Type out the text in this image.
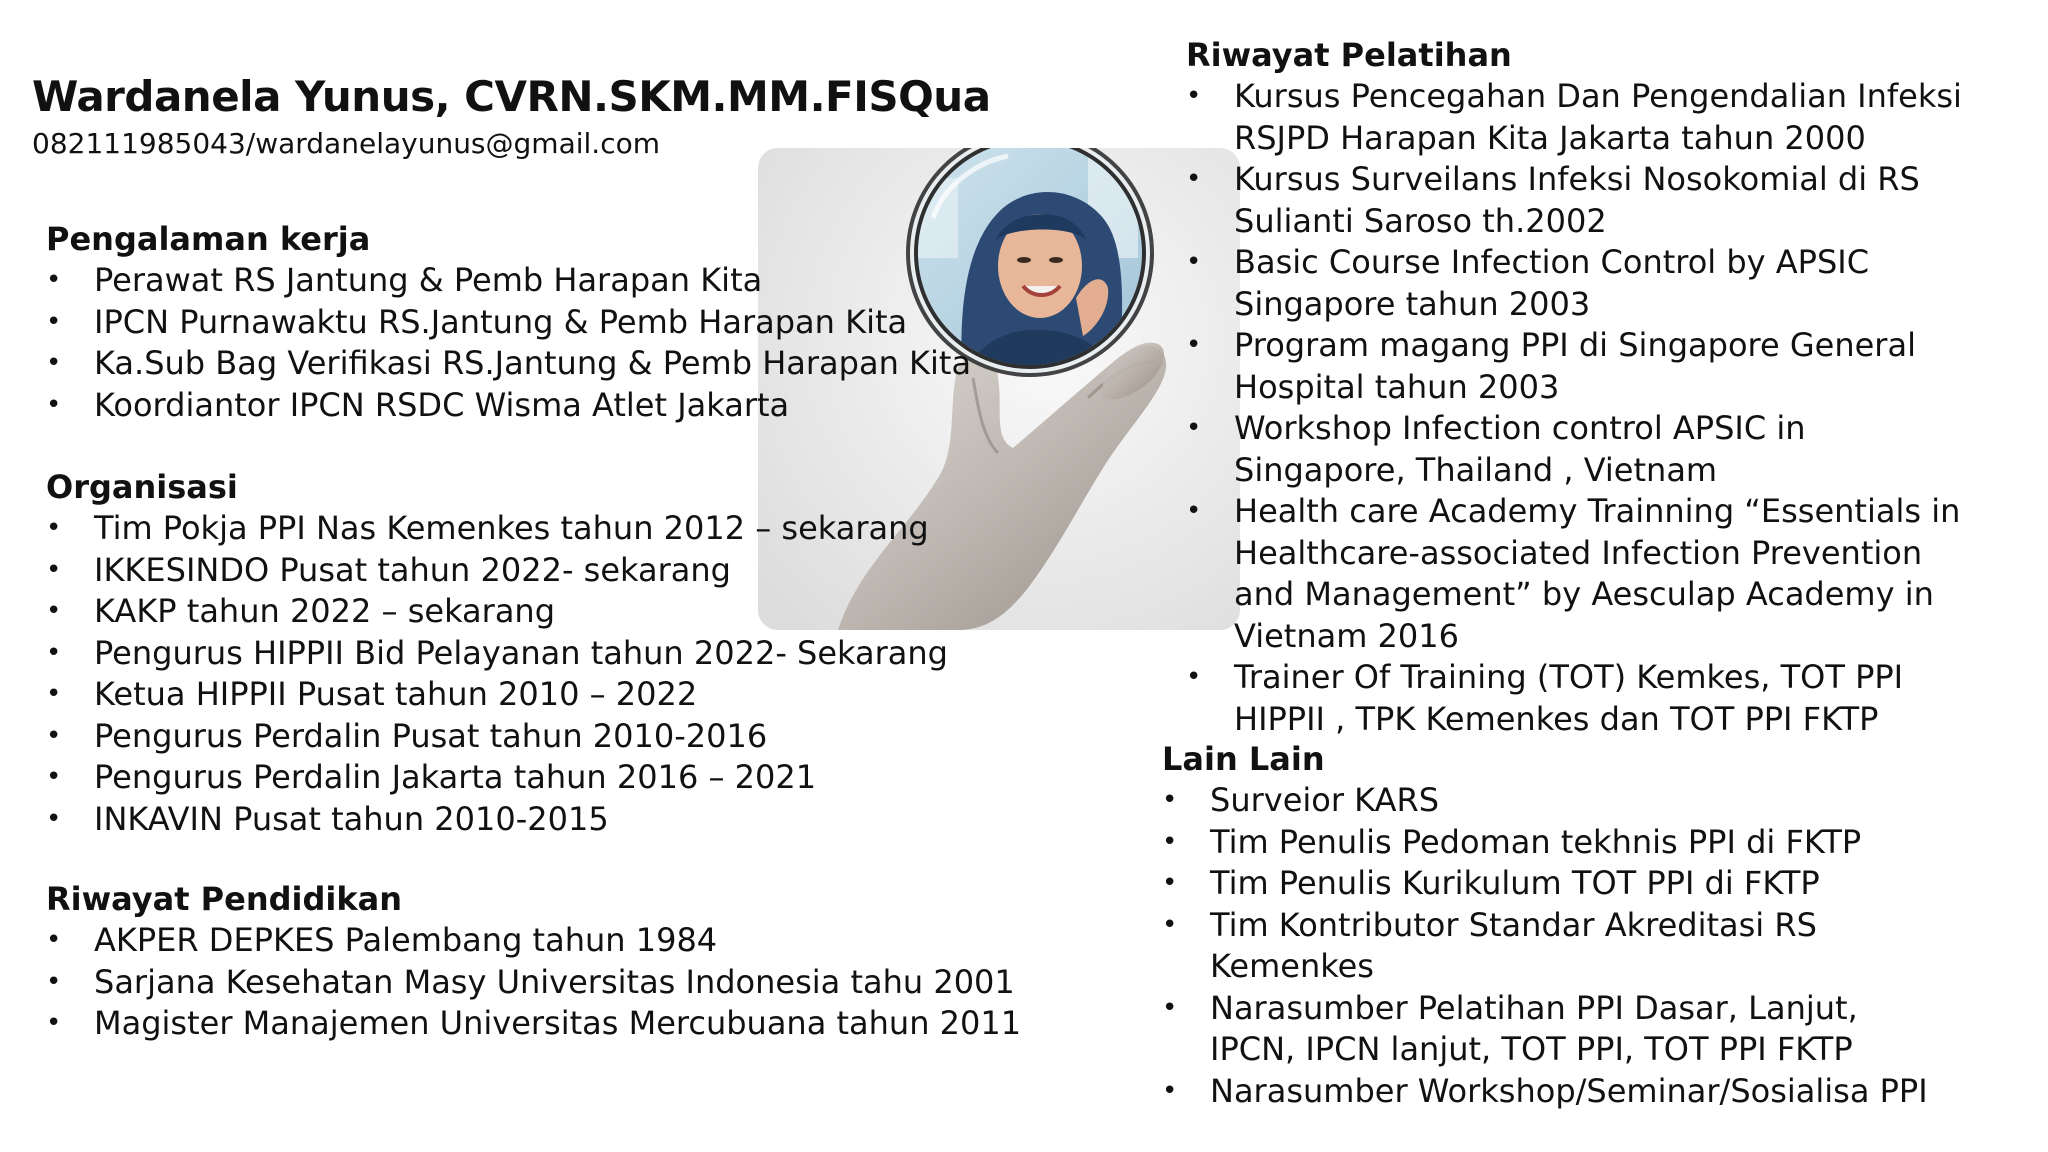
Wardanela Yunus, CVRN.SKM.MM.FISQua
082111985043/wardanelayunus@gmail.com
Pengalaman kerja
• Perawat RS Jantung & Pemb Harapan Kita
• IPCN Purnawaktu RS.Jantung & Pemb Harapan Kita
• Ka.Sub Bag Verifikasi RS.Jantung & Pemb Harapan Kita
• Koordiantor IPCN RSDC Wisma Atlet Jakarta
Organisasi
• Tim Pokja PPI Nas Kemenkes tahun 2012 – sekarang
• IKKESINDO Pusat tahun 2022- sekarang
• KAKP tahun 2022 – sekarang
• Pengurus HIPPII Bid Pelayanan tahun 2022- Sekarang
• Ketua HIPPII Pusat tahun 2010 – 2022
• Pengurus Perdalin Pusat tahun 2010-2016
• Pengurus Perdalin Jakarta tahun 2016 – 2021
• INKAVIN Pusat tahun 2010-2015
Riwayat Pendidikan
• AKPER DEPKES Palembang tahun 1984
• Sarjana Kesehatan Masy Universitas Indonesia tahu 2001
• Magister Manajemen Universitas Mercubuana tahun 2011
Riwayat Pelatihan
• Kursus Pencegahan Dan Pengendalian Infeksi RSJPD Harapan Kita Jakarta tahun 2000
• Kursus Surveilans Infeksi Nosokomial di RS Sulianti Saroso th.2002
• Basic Course Infection Control by APSIC Singapore tahun 2003
• Program magang PPI di Singapore General Hospital tahun 2003
• Workshop Infection control APSIC in Singapore, Thailand , Vietnam
• Health care Academy Trainning “Essentials in Healthcare-associated Infection Prevention and Management” by Aesculap Academy in Vietnam 2016
• Trainer Of Training (TOT) Kemkes, TOT PPI HIPPII , TPK Kemenkes dan TOT PPI FKTP
Lain Lain
• Surveior KARS
• Tim Penulis Pedoman tekhnis PPI di FKTP
• Tim Penulis Kurikulum TOT PPI di FKTP
• Tim Kontributor Standar Akreditasi RS Kemenkes
• Narasumber Pelatihan PPI Dasar, Lanjut, IPCN, IPCN lanjut, TOT PPI, TOT PPI FKTP
• Narasumber Workshop/Seminar/Sosialisa PPI
